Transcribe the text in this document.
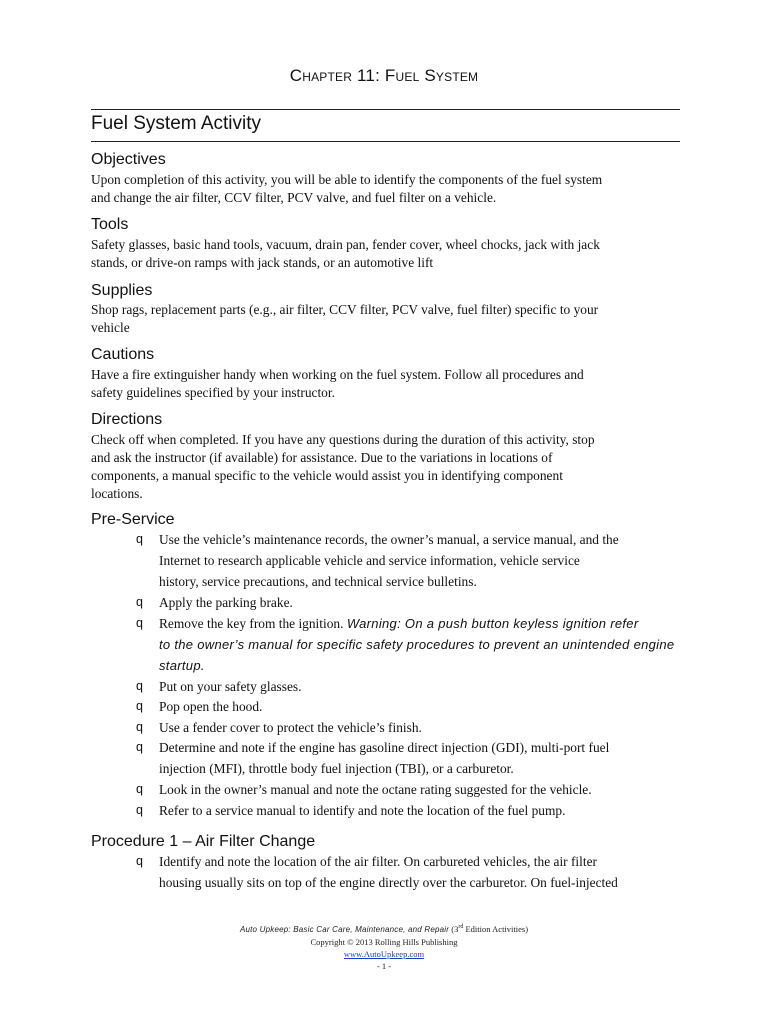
Chapter 11: Fuel System
Fuel System Activity
Objectives
Upon completion of this activity, you will be able to identify the components of the fuel system
and change the air filter, CCV filter, PCV valve, and fuel filter on a vehicle.
Tools
Safety glasses, basic hand tools, vacuum, drain pan, fender cover, wheel chocks, jack with jack
stands, or drive-on ramps with jack stands, or an automotive lift
Supplies
Shop rags, replacement parts (e.g., air filter, CCV filter, PCV valve, fuel filter) specific to your
vehicle
Cautions
Have a fire extinguisher handy when working on the fuel system. Follow all procedures and
safety guidelines specified by your instructor.
Directions
Check off when completed. If you have any questions during the duration of this activity, stop
and ask the instructor (if available) for assistance. Due to the variations in locations of
components, a manual specific to the vehicle would assist you in identifying component
locations.
Pre-Service
q Use the vehicle’s maintenance records, the owner’s manual, a service manual, and the
Internet to research applicable vehicle and service information, vehicle service
history, service precautions, and technical service bulletins.
q Apply the parking brake.
q Remove the key from the ignition. Warning: On a push button keyless ignition refer
to the owner’s manual for specific safety procedures to prevent an unintended engine
startup.
q Put on your safety glasses.
q Pop open the hood.
q Use a fender cover to protect the vehicle’s finish.
q Determine and note if the engine has gasoline direct injection (GDI), multi-port fuel
injection (MFI), throttle body fuel injection (TBI), or a carburetor.
q Look in the owner’s manual and note the octane rating suggested for the vehicle.
q Refer to a service manual to identify and note the location of the fuel pump.
Procedure 1 – Air Filter Change
q Identify and note the location of the air filter. On carbureted vehicles, the air filter
housing usually sits on top of the engine directly over the carburetor. On fuel-injected
Auto Upkeep: Basic Car Care, Maintenance, and Repair (3rd Edition Activities)
Copyright © 2013 Rolling Hills Publishing
www.AutoUpkeep.com
- 1 -
